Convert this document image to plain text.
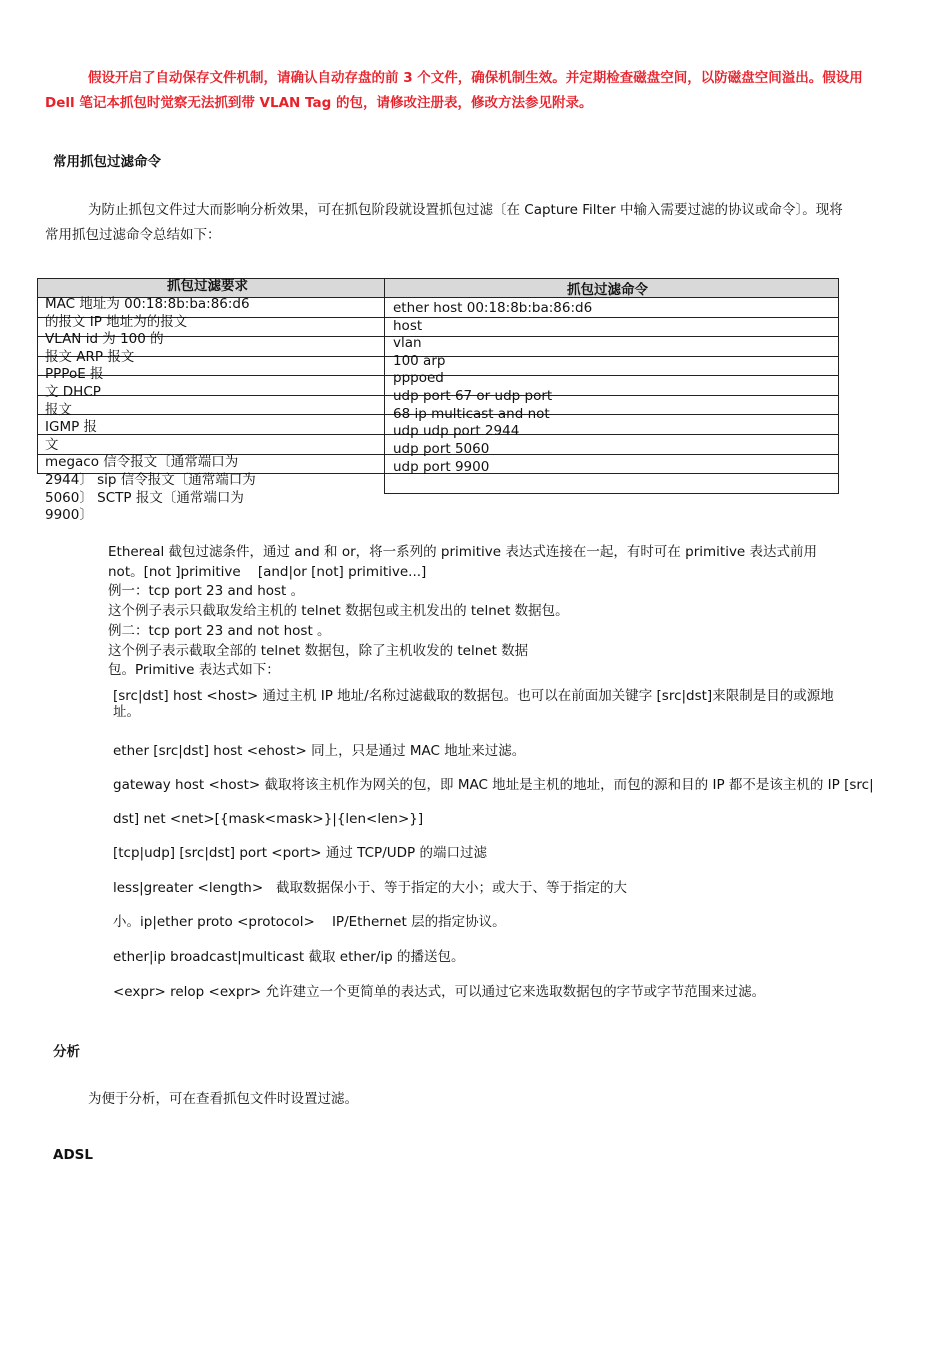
假设开启了自动保存文件机制，请确认自动存盘的前 3 个文件，确保机制生效。并定期检查磁盘空间，以防磁盘空间溢出。假设用
Dell 笔记本抓包时觉察无法抓到带 VLAN Tag 的包，请修改注册表，修改方法参见附录。
常用抓包过滤命令
为防止抓包文件过大而影响分析效果，可在抓包阶段就设置抓包过滤〔在 Capture Filter 中输入需要过滤的协议或命令〕。现将
常用抓包过滤命令总结如下：
抓包过滤要求	抓包过滤命令
MAC 地址为 00:18:8b:ba:86:d6
的报文 IP 地址为的报文
VLAN id 为 100 的
报文 ARP 报文
PPPoE 报
文 DHCP
报文
IGMP 报
文
megaco 信令报文〔通常端口为
2944〕 sip 信令报文〔通常端口为
5060〕 SCTP 报文〔通常端口为
9900〕
ether host 00:18:8b:ba:86:d6
host
vlan
100 arp
pppoed
udp port 67 or udp port
68 ip multicast and not
udp udp port 2944
udp port 5060
udp port 9900
Ethereal 截包过滤条件，通过 and 和 or，将一系列的 primitive 表达式连接在一起，有时可在 primitive 表达式前用
not。[not ]primitive    [and|or [not] primitive...]
例一：tcp port 23 and host 。
这个例子表示只截取发给主机的 telnet 数据包或主机发出的 telnet 数据包。
例二：tcp port 23 and not host 。
这个例子表示截取全部的 telnet 数据包，除了主机收发的 telnet 数据
包。Primitive 表达式如下：
[src|dst] host <host> 通过主机 IP 地址/名称过滤截取的数据包。也可以在前面加关键字 [src|dst]来限制是目的或源地
址。
ether [src|dst] host <ehost> 同上，只是通过 MAC 地址来过滤。
gateway host <host> 截取将该主机作为网关的包，即 MAC 地址是主机的地址，而包的源和目的 IP 都不是该主机的 IP [src|
dst] net <net>[{mask<mask>}|{len<len>}]
[tcp|udp] [src|dst] port <port> 通过 TCP/UDP 的端口过滤
less|greater <length>   截取数据保小于、等于指定的大小；或大于、等于指定的大
小。ip|ether proto <protocol>    IP/Ethernet 层的指定协议。
ether|ip broadcast|multicast 截取 ether/ip 的播送包。
<expr> relop <expr> 允许建立一个更简单的表达式，可以通过它来选取数据包的字节或字节范围来过滤。
分析
为便于分析，可在查看抓包文件时设置过滤。
ADSL
